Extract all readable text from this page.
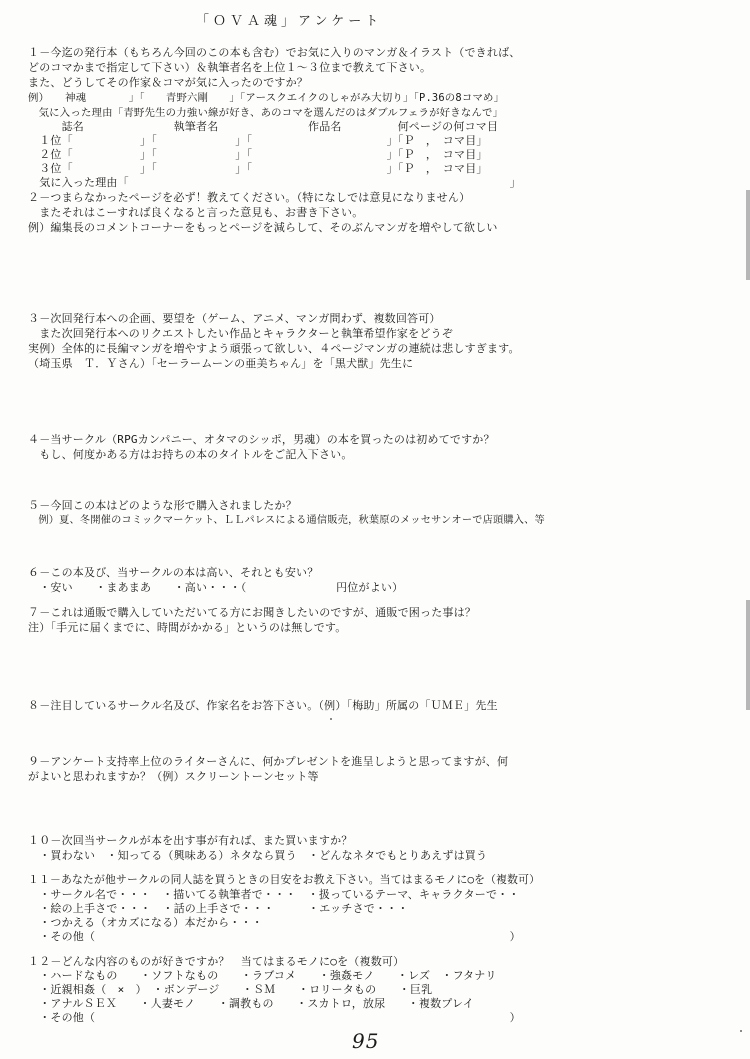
「ＯＶＡ魂」アンケート
１－今迄の発行本（もちろん今回のこの本も含む）でお気に入りのマンガ＆イラスト（できれば、
どのコマかまで指定して下さい）＆執筆者名を上位１～３位まで教えて下さい。
また、どうしてその作家＆コマが気に入ったのですか？
例）　　神魂　　　　」「　　青野六剛　　」「アースクエイクのしゃがみ大切り」「P.36の8コマめ」
　気に入った理由「青野先生の力強い線が好き、あのコマを選んだのはダブルフェラが好きなんで」
　　　誌名　　　　　　　　執筆者名　　　　　　　　作品名　　　　　何ページの何コマ目
　１位「　　　　　　」「　　　　　　　」「　　　　　　　　　　　　」「Ｐ　，　コマ目」
　２位「　　　　　　」「　　　　　　　」「　　　　　　　　　　　　」「Ｐ　，　コマ目」
　３位「　　　　　　」「　　　　　　　」「　　　　　　　　　　　　」「Ｐ　，　コマ目」
　気に入った理由「　　　　　　　　　　　　　　　　　　　　　　　　　　　　　　　　　　」
２－つまらなかったページを必ず！教えてください。（特になしでは意見になりません）
　またそれはこーすれば良くなると言った意見も、お書き下さい。
例）編集長のコメントコーナーをもっとページを減らして、そのぶんマンガを増やして欲しい
３－次回発行本への企画、要望を（ゲーム、アニメ、マンガ問わず、複数回答可）
　また次回発行本へのリクエストしたい作品とキャラクターと執筆希望作家をどうぞ
実例）全体的に長編マンガを増やすよう頑張って欲しい、４ページマンガの連続は悲しすぎます。
（埼玉県　Ｔ．Ｙさん）「セーラームーンの亜美ちゃん」を「黒犬獣」先生に
４－当サークル（RPGカンパニー、オタマのシッポ，男魂）の本を買ったのは初めてですか？
　もし、何度かある方はお持ちの本のタイトルをご記入下さい。
５－今回この本はどのような形で購入されましたか？
　例）夏、冬開催のコミックマーケット、ＬＬパレスによる通信販売，秋葉原のメッセサンオーで店頭購入、等
６－この本及び、当サークルの本は高い、それとも安い？
　・安い　　・まあまあ　　・高い・・・（　　　　　　　　円位がよい）
７－これは通販で購入していただいてる方にお聞きしたいのですが、通販で困った事は？
注）「手元に届くまでに、時間がかかる」というのは無しです。
８－注目しているサークル名及び、作家名をお答下さい。（例）「梅助」所属の「ＵＭＥ」先生
９－アンケート支持率上位のライターさんに、何かプレゼントを進呈しようと思ってますが、何
がよいと思われますか？（例）スクリーントーンセット等
１０－次回当サークルが本を出す事が有れば、また買いますか？
　・買わない　・知ってる（興味ある）ネタなら買う　・どんなネタでもとりあえずは買う
１１－あなたが他サークルの同人誌を買うときの目安をお教え下さい。当てはまるモノに○を（複数可）
　・サークル名で・・・　・描いてる執筆者で・・・　・扱っているテーマ、キャラクターで・・
　・絵の上手さで・・・　・話の上手さで・・・　　　・エッチさで・・・
　・つかえる（オカズになる）本だから・・・
　・その他（　　　　　　　　　　　　　　　　　　　　　　　　　　　　　　　　　　　　　）
１２－どんな内容のものが好きですか？　当てはまるモノに○を（複数可）
　・ハードなもの　　・ソフトなもの　　・ラブコメ　　・強姦モノ　　・レズ　・フタナリ
　・近親相姦（　×　）　・ボンデージ　　・ＳＭ　　・ロリータもの　　・巨乳
　・アナルＳＥＸ　　・人妻モノ　　・調教もの　　・スカトロ，放尿　　・複数プレイ
　・その他（　　　　　　　　　　　　　　　　　　　　　　　　　　　　　　　　　　　　　）
95
